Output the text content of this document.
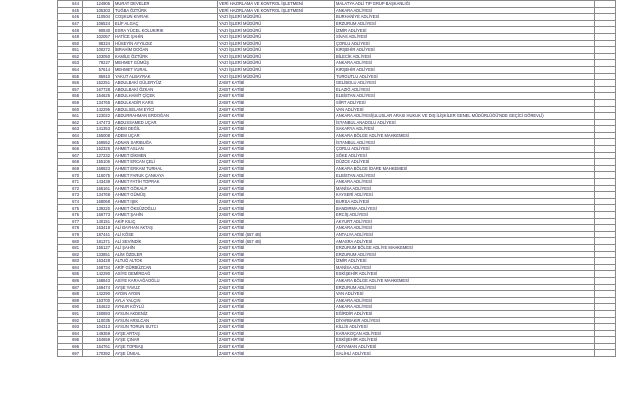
644	124906	MURAT DEVELER	VERİ HAZIRLAMA VE KONTROL İŞLETMENİ	MALATYA ADLİ TIP GRUP BAŞKANLIĞI	
645	105303	TUĞBA ÖZTÜRK	VERİ HAZIRLAMA VE KONTROL İŞLETMENİ	ANKARA ADLİYESİ	
646	110504	COŞKUN KIVRAK	YAZI İŞLERİ MÜDÜRÜ	BURHANİYE ADLİYESİ	
647	106524	ELİF ALGAÇ	YAZI İŞLERİ MÜDÜRÜ	ERZURUM ADLİYESİ	
648	90840	ESRA YÜCEL KOLUKIRIK	YAZI İŞLERİ MÜDÜRÜ	İZMİR ADLİYESİ	
649	102057	HATİCE ŞAHİN	YAZI İŞLERİ MÜDÜRÜ	SİVAS ADLİYESİ	
650	88324	HÜSEYİN AYYILDIZ	YAZI İŞLERİ MÜDÜRÜ	ÇORLU ADLİYESİ	
651	100272	İBRAHİM DOĞAN	YAZI İŞLERİ MÜDÜRÜ	KIRŞEHİR ADLİYESİ	
652	103050	KAMİLE ÖZTÜRK	YAZI İŞLERİ MÜDÜRÜ	BİLECİK ADLİYESİ	
653	79227	MEHMET GÜMÜŞ	YAZI İŞLERİ MÜDÜRÜ	ANKARA ADLİYESİ	
654	57614	MEHMET VURAL	YAZI İŞLERİ MÜDÜRÜ	KIRŞEHİR ADLİYESİ	
655	85910	YAKUT ALBAYRAK	YAZI İŞLERİ MÜDÜRÜ	TURGUTLU ADLİYESİ	
656	152251	ABDULBAKİ GÜLERYÜZ	ZABIT KATİBİ	GELİBOLU ADLİYESİ	
657	167728	ABDULBAKİ ÖZKAN	ZABIT KATİBİ	ELAZIĞ ADLİYESİ	
658	154625	ABDULHAMİT ÇİÇEK	ZABIT KATİBİ	ELBİSTAN ADLİYESİ	
659	134765	ABDULKADİR KARS	ZABIT KATİBİ	SİİRT ADLİYESİ	
660	142295	ABDULSELAM EYİCİ	ZABIT KATİBİ	VAN ADLİYESİ	
661	123022	ABDURRAHMAN ERDOĞAN	ZABIT KATİBİ	ANKARA ADLİYESİ(ULUSLAR ARASI HUKUK VE DIŞ İLİŞKİLER GENEL MÜDÜRLÜĞÜ'NDE GEÇİCİ GÖREVLİ)	
662	147473	ABDUSSAMED UÇAR	ZABIT KATİBİ	İSTANBUL ANADOLU ADLİYESİ	
663	141353	ADEM DEĞİL	ZABIT KATİBİ	SAKARYA ADLİYESİ	
664	155008	ADEM UÇAR	ZABIT KATİBİ	ANKARA BÖLGE ADLİYE MAHKEMESİ	
665	169552	ADNAN SARIBUĞA	ZABIT KATİBİ	İSTANBUL ADLİYESİ	
666	152326	AHMET ASLAN	ZABIT KATİBİ	ÇORLU ADLİYESİ	
667	127232	AHMET DİKMEN	ZABIT KATİBİ	SÖKE ADLİYESİ	
668	155106	AHMET ERCAN ÇELİ	ZABIT KATİBİ	DÜZCE ADLİYESİ	
669	168823	AHMET ERKAM TURHAL	ZABIT KATİBİ	ANKARA BÖLGE İDARE MAHKEMESİ	
670	116075	AHMET FARUK ÇANKAYA	ZABIT KATİBİ	ELBİSTAN ADLİYESİ	
671	143439	AHMET FATİH TOPRAK	ZABIT KATİBİ	ANKARA ADLİYESİ	
672	166161	AHMET GÖKALP	ZABIT KATİBİ	MANİSA ADLİYESİ	
673	134768	AHMET GÜMÜŞ	ZABIT KATİBİ	KAYSERİ ADLİYESİ	
674	168068	AHMET IŞIK	ZABIT KATİBİ	BURSA ADLİYESİ	
675	139220	AHMET ÖKSÜZOĞLU	ZABIT KATİBİ	BANDIRMA ADLİYESİ	
676	166773	AHMET ŞAHİN	ZABIT KATİBİ	ERCİŞ ADLİYESİ	
677	140151	AKİF KILIÇ	ZABIT KATİBİ	AKYURT ADLİYESİ	
678	153418	ALİ BAYHAN AKTAŞ	ZABIT KATİBİ	ANKARA ADLİYESİ	
679	187441	ALİ KÖSE	ZABIT KATİBİ (657 4B)	ANTALYA ADLİYESİ	
680	181371	ALİ SEVİNDİK	ZABIT KATİBİ (657 4B)	AMASRA ADLİYESİ	
681	155127	ALİ ŞAHİN	ZABIT KATİBİ	ERZURUM BÖLGE ADLİYE MAHKEMESİ	
682	133851	ALİM ÖZDLER	ZABIT KATİBİ	ERZURUM ADLİYESİ	
683	153428	ALTUĞ ALTOK	ZABIT KATİBİ	İZMİR ADLİYESİ	
684	168734	ARİF GÜRBÜZCAN	ZABIT KATİBİ	MANİSA ADLİYESİ	
685	142290	ASİYE DEMİRDAĞ	ZABIT KATİBİ	ESKİŞEHİR ADLİYESİ	
686	168843	ASİYE KARAAĞAOĞLU	ZABIT KATİBİ	ANKARA BÖLGE ADLİYE MAHKEMESİ	
687	169474	AYŞE YAVUZ	ZABIT KATİBİ	ERZURUM ADLİYESİ	
688	142290	AYDIN AYDIN	ZABIT KATİBİ	VAN ADLİYESİ	
689	153700	AYLA YALÇIN	ZABIT KATİBİ	ANKARA ADLİYESİ	
690	154622	AYNUR KÖYLÜ	ZABIT KATİBİ	ANKARA ADLİYESİ	
691	150893	AYSUN AKDENİZ	ZABIT KATİBİ	EĞİRDİR ADLİYESİ	
692	110035	AYSUN ARSLCAN	ZABIT KATİBİ	DİYARBAKIR ADLİYESİ	
693	104313	AYSUN TORUN SUTCI	ZABIT KATİBİ	KİLLİS ADLİYESİ	
694	149359	AYŞE ARTAŞ	ZABIT KATİBİ	KARAKOÇAN ADLİYESİ	
695	154659	AYŞE ÇINAR	ZABIT KATİBİ	ESKİŞEHİR ADLİYESİ	
696	154761	AYŞE TOPBAŞ	ZABIT KATİBİ	ADIYAMAN ADLİYESİ	
697	170392	AYŞE ÜNSAL	ZABIT KATİBİ	SALİHLİ ADLİYESİ	
